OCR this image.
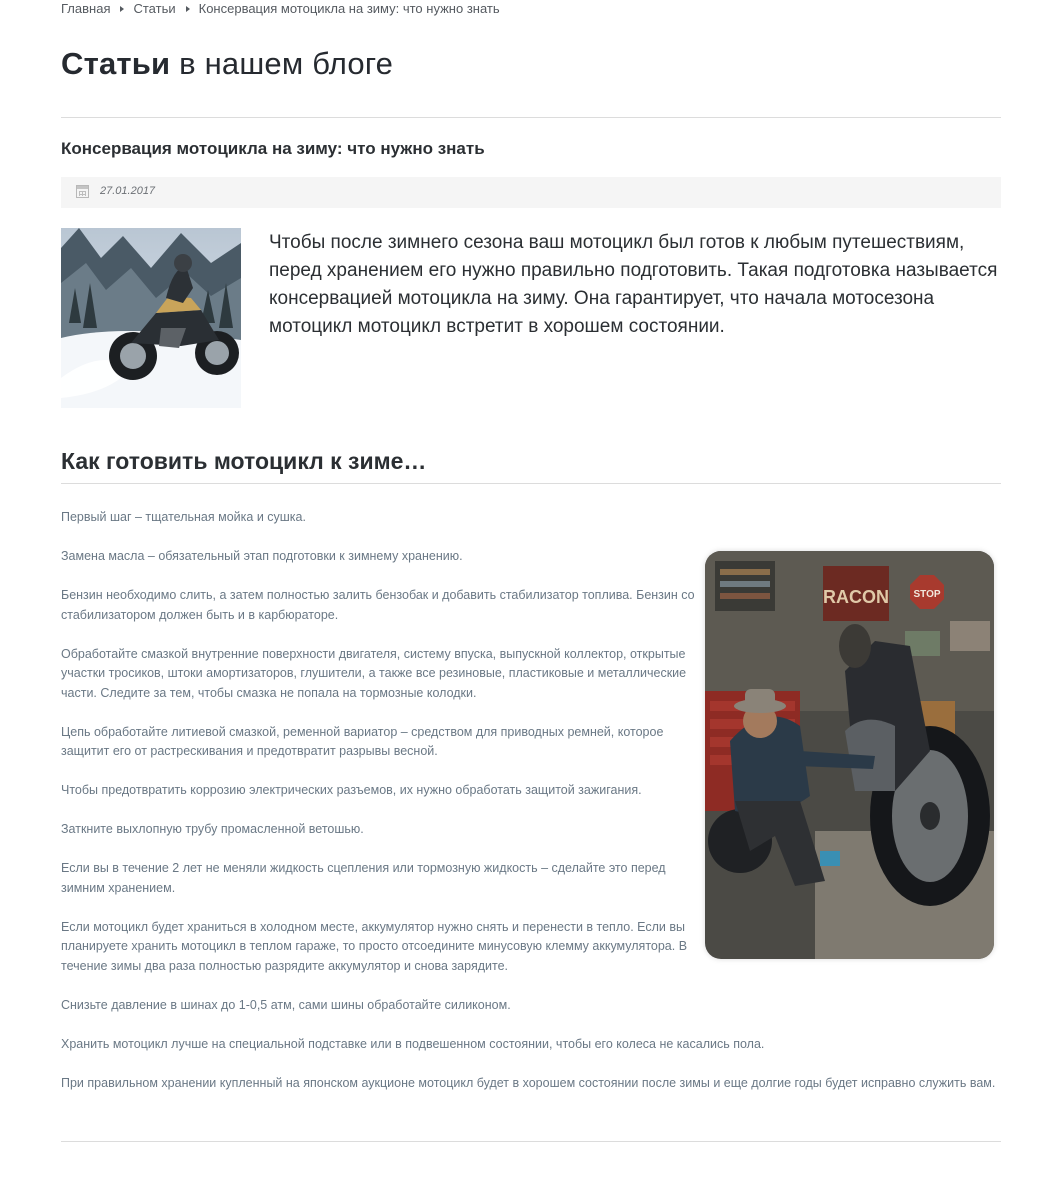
Главная Статьи Консервация мотоцикла на зиму: что нужно знать
Статьи в нашем блоге
Консервация мотоцикла на зиму: что нужно знать
27.01.2017

Чтобы после зимнего сезона ваш мотоцикл был готов к любым путешествиям, перед хранением его нужно правильно подготовить. Такая подготовка называется консервацией мотоцикла на зиму. Она гарантирует, что начала мотосезона мотоцикл мотоцикл встретит в хорошем состоянии.

Как готовить мотоцикл к зиме…
RACON STOP

Первый шаг – тщательная мойка и сушка.

Замена масла – обязательный этап подготовки к зимнему хранению.

Бензин необходимо слить, а затем полностью залить бензобак и добавить стабилизатор топлива. Бензин со стабилизатором должен быть и в карбюраторе.

Обработайте смазкой внутренние поверхности двигателя, систему впуска, выпускной коллектор, открытые участки тросиков, штоки амортизаторов, глушители, а также все резиновые, пластиковые и металлические части. Следите за тем, чтобы смазка не попала на тормозные колодки.

Цепь обработайте литиевой смазкой, ременной вариатор – средством для приводных ремней, которое защитит его от растрескивания и предотвратит разрывы весной.

Чтобы предотвратить коррозию электрических разъемов, их нужно обработать защитой зажигания.

Заткните выхлопную трубу промасленной ветошью.

Если вы в течение 2 лет не меняли жидкость сцепления или тормозную жидкость – сделайте это перед зимним хранением.

Если мотоцикл будет храниться в холодном месте, аккумулятор нужно снять и перенести в тепло. Если вы планируете хранить мотоцикл в теплом гараже, то просто отсоедините минусовую клемму аккумулятора. В течение зимы два раза полностью разрядите аккумулятор и снова зарядите.

Снизьте давление в шинах до 1-0,5 атм, сами шины обработайте силиконом.

Хранить мотоцикл лучше на специальной подставке или в подвешенном состоянии, чтобы его колеса не касались пола.

При правильном хранении купленный на японском аукционе мотоцикл будет в хорошем состоянии после зимы и еще долгие годы будет исправно служить вам.
